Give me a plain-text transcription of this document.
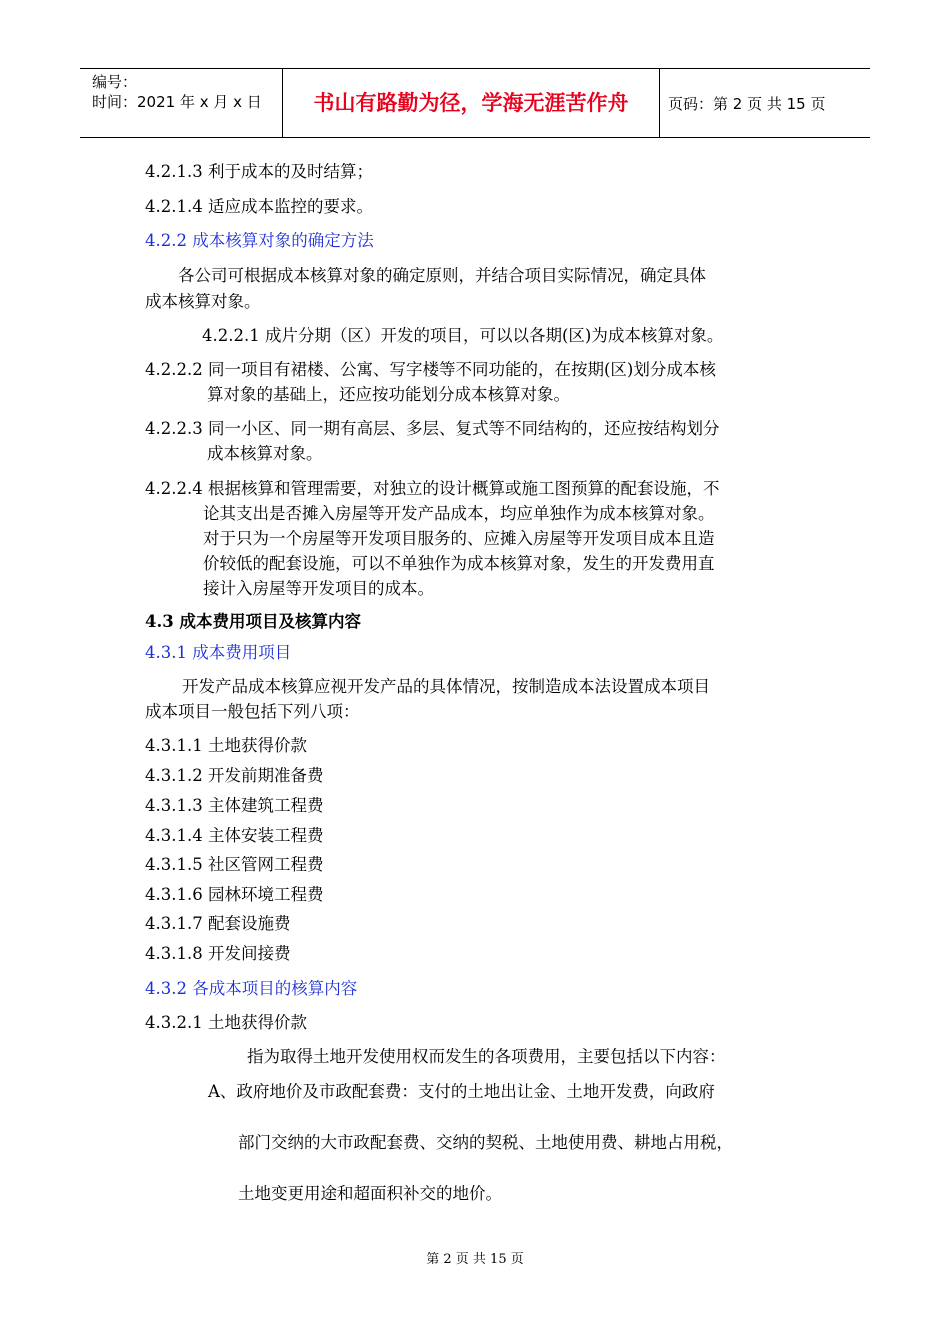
编号：
时间：2021 年 x 月 x 日	书山有路勤为径，学海无涯苦作舟	页码：第 2 页 共 15 页
4.2.1.3 利于成本的及时结算；
4.2.1.4 适应成本监控的要求。
4.2.2 成本核算对象的确定方法
各公司可根据成本核算对象的确定原则，并结合项目实际情况，确定具体
成本核算对象。
4.2.2.1 成片分期（区）开发的项目，可以以各期(区)为成本核算对象。
4.2.2.2 同一项目有裙楼、公寓、写字楼等不同功能的，在按期(区)划分成本核
算对象的基础上，还应按功能划分成本核算对象。
4.2.2.3 同一小区、同一期有高层、多层、复式等不同结构的，还应按结构划分
成本核算对象。
4.2.2.4 根据核算和管理需要，对独立的设计概算或施工图预算的配套设施，不
论其支出是否摊入房屋等开发产品成本，均应单独作为成本核算对象。
对于只为一个房屋等开发项目服务的、应摊入房屋等开发项目成本且造
价较低的配套设施，可以不单独作为成本核算对象，发生的开发费用直
接计入房屋等开发项目的成本。
4.3 成本费用项目及核算内容
4.3.1 成本费用项目
开发产品成本核算应视开发产品的具体情况，按制造成本法设置成本项目
成本项目一般包括下列八项：
4.3.1.1 土地获得价款
4.3.1.2 开发前期准备费
4.3.1.3 主体建筑工程费
4.3.1.4 主体安装工程费
4.3.1.5 社区管网工程费
4.3.1.6 园林环境工程费
4.3.1.7 配套设施费
4.3.1.8 开发间接费
4.3.2 各成本项目的核算内容
4.3.2.1 土地获得价款
指为取得土地开发使用权而发生的各项费用，主要包括以下内容：
A、政府地价及市政配套费：支付的土地出让金、土地开发费，向政府
部门交纳的大市政配套费、交纳的契税、土地使用费、耕地占用税，
土地变更用途和超面积补交的地价。
第 2 页 共 15 页
